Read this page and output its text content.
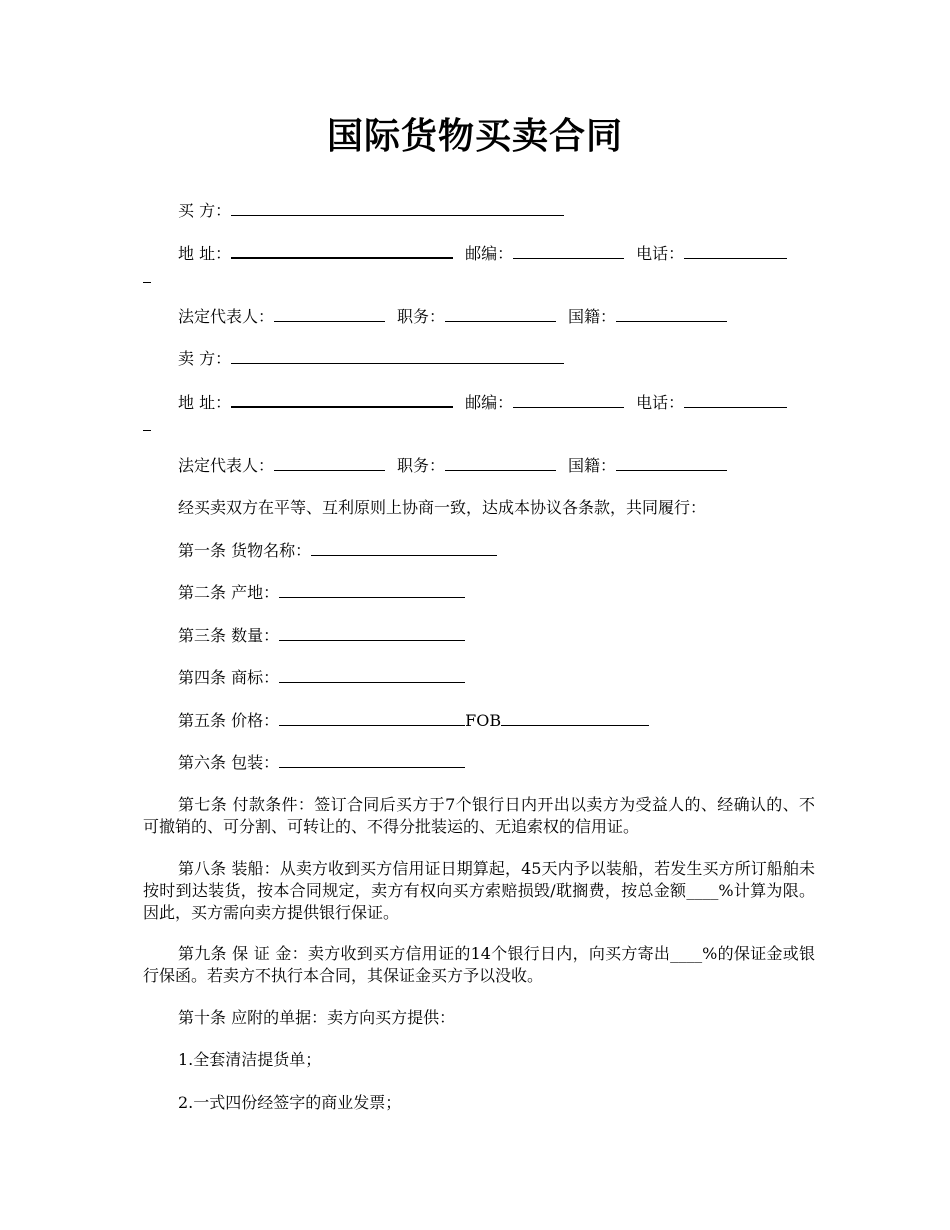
国际货物买卖合同
买 方：
地 址：	邮编：	电话：
法定代表人：	职务：	国籍：
卖 方：
地 址：	邮编：	电话：
法定代表人：	职务：	国籍：
经买卖双方在平等、互利原则上协商一致，达成本协议各条款，共同履行：
第一条 货物名称：
第二条 产地：
第三条 数量：
第四条 商标：
第五条 价格：	FOB
第六条 包装：
第七条 付款条件：签订合同后买方于7个银行日内开出以卖方为受益人的、经确认的、不可撤销的、可分割、可转让的、不得分批装运的、无追索权的信用证。
第八条 装船：从卖方收到买方信用证日期算起，45天内予以装船，若发生买方所订船舶未按时到达装货，按本合同规定，卖方有权向买方索赔损毁/耽搁费，按总金额____%计算为限。因此，买方需向卖方提供银行保证。
第九条 保 证 金：卖方收到买方信用证的14个银行日内，向买方寄出____%的保证金或银行保函。若卖方不执行本合同，其保证金买方予以没收。
第十条 应附的单据：卖方向买方提供：
1.全套清洁提货单；
2.一式四份经签字的商业发票；
